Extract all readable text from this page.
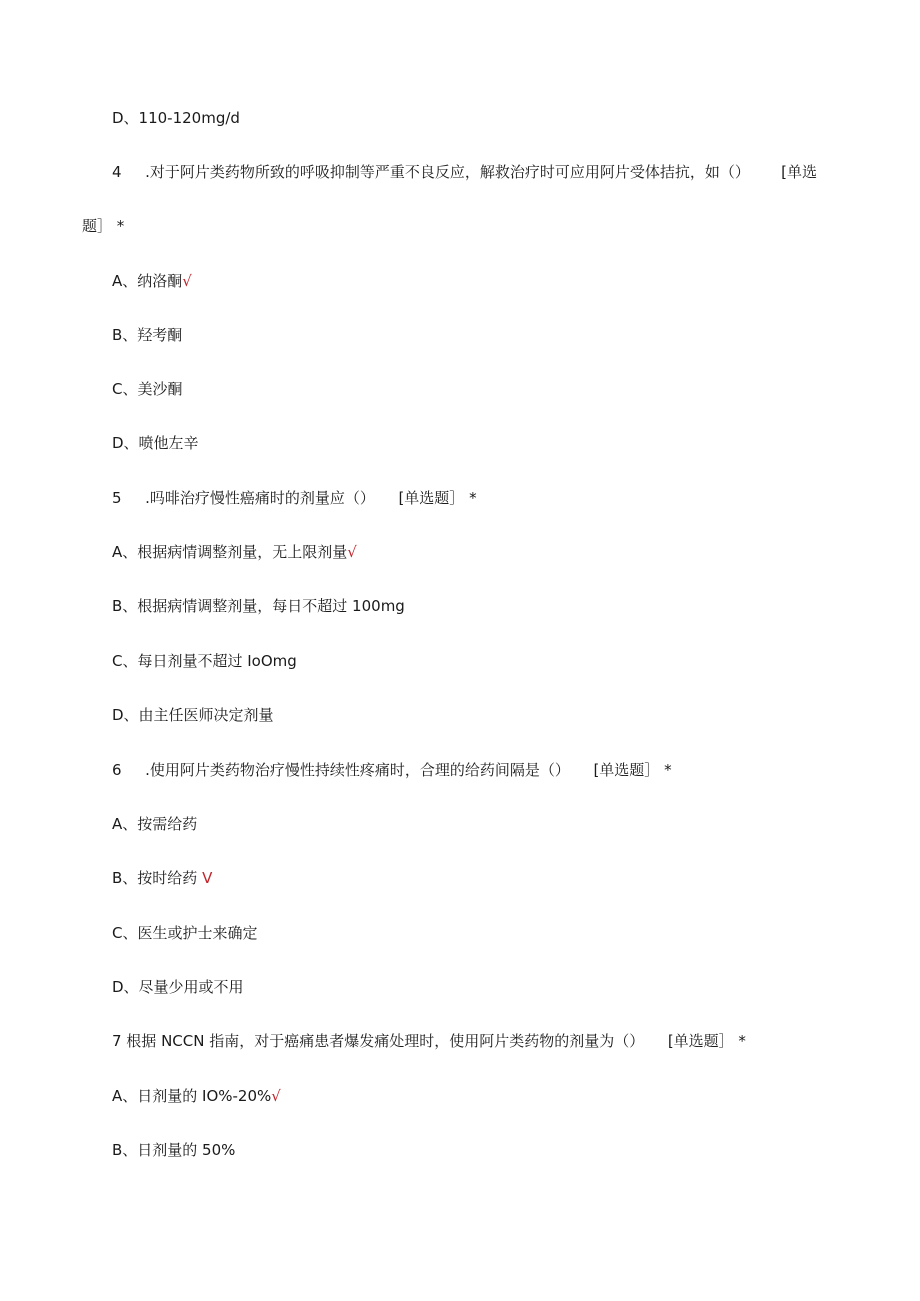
D、110-120mg∕d
4 .对于阿片类药物所致的呼吸抑制等严重不良反应，解救治疗时可应用阿片受体拮抗，如（） [单选
题］ *
A、纳洛酮√
B、羟考酮
C、美沙酮
D、喷他左辛
5 .吗啡治疗慢性癌痛时的剂量应（） [单选题］ *
A、根据病情调整剂量，无上限剂量√
B、根据病情调整剂量，每日不超过 100mg
C、每日剂量不超过 IoOmg
D、由主任医师决定剂量
6 .使用阿片类药物治疗慢性持续性疼痛时，合理的给药间隔是（） [单选题］ *
A、按需给药
B、按时给药 V
C、医生或护士来确定
D、尽量少用或不用
7 根据 NCCN 指南，对于癌痛患者爆发痛处理时，使用阿片类药物的剂量为（） [单选题］ *
A、日剂量的 IO%-20%√
B、日剂量的 50%
